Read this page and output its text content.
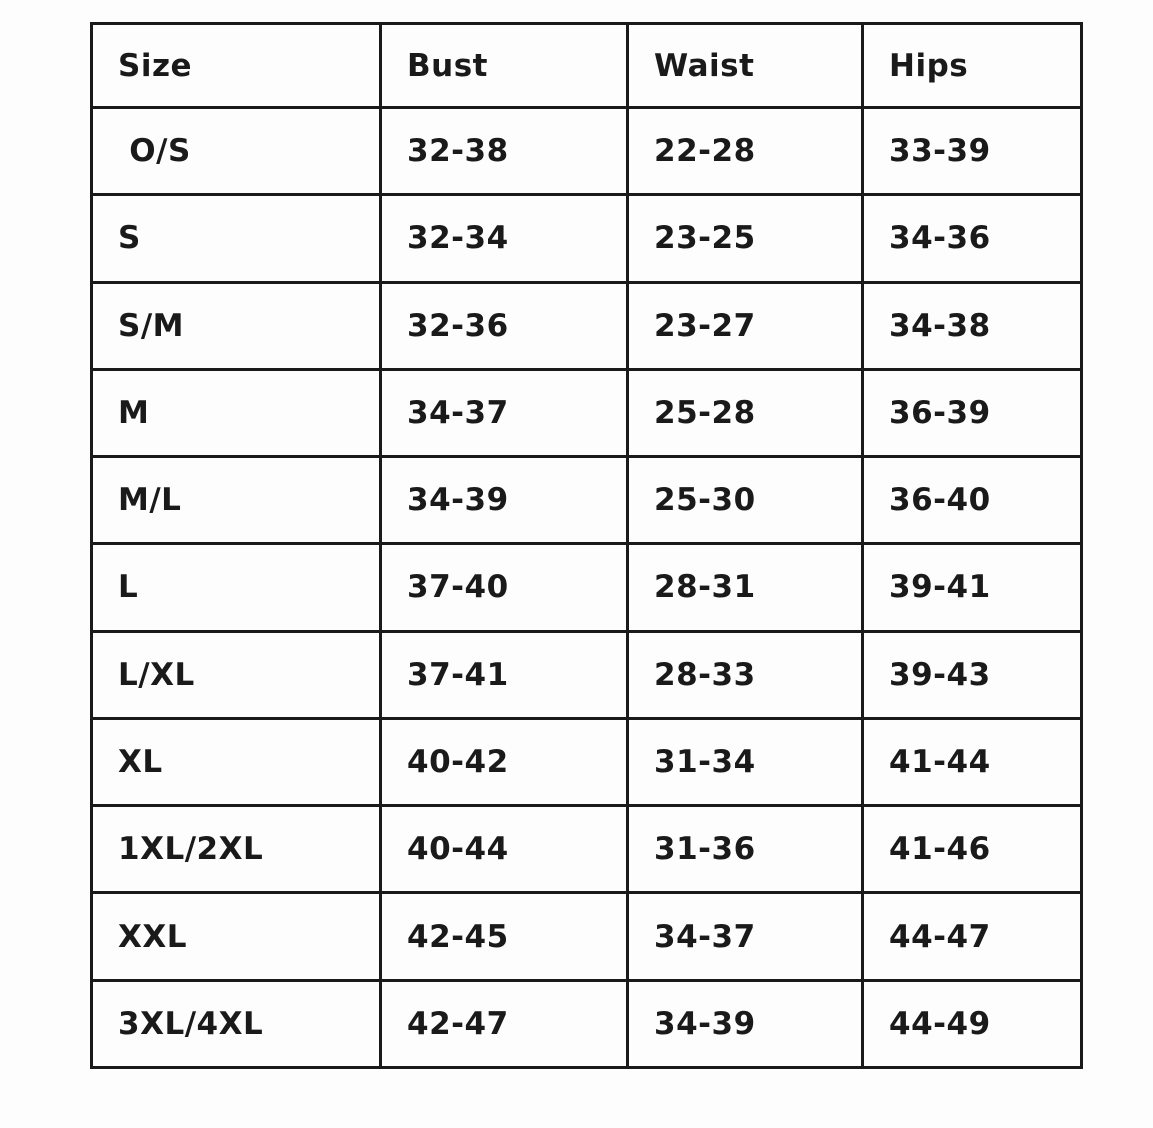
Size	Bust	Waist	Hips
O/S	32-38	22-28	33-39
S	32-34	23-25	34-36
S/M	32-36	23-27	34-38
M	34-37	25-28	36-39
M/L	34-39	25-30	36-40
L	37-40	28-31	39-41
L/XL	37-41	28-33	39-43
XL	40-42	31-34	41-44
1XL/2XL	40-44	31-36	41-46
XXL	42-45	34-37	44-47
3XL/4XL	42-47	34-39	44-49
